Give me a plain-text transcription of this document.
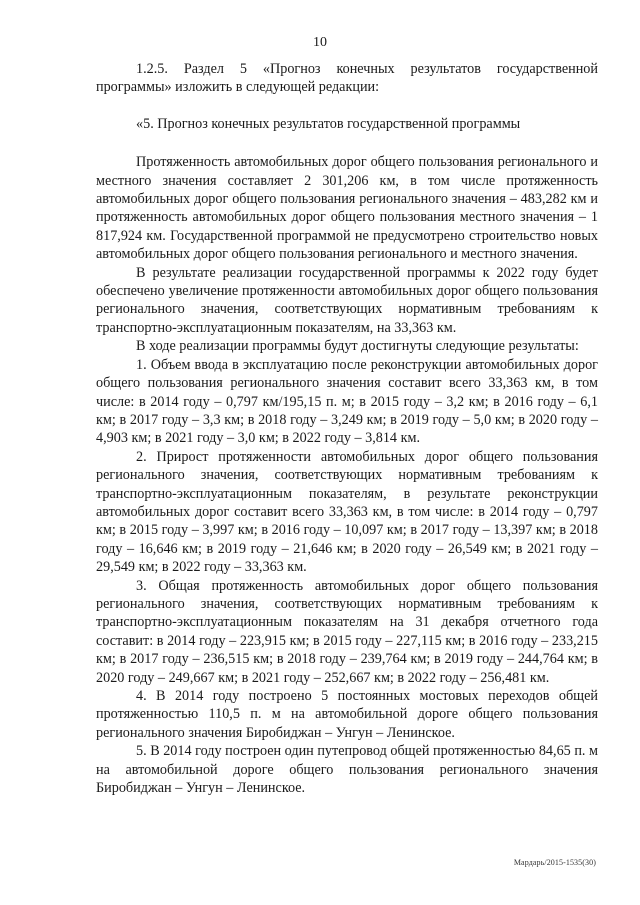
10

1.2.5. Раздел 5 «Прогноз конечных результатов государственной программы» изложить в следующей редакции:

«5. Прогноз конечных результатов государственной программы

Протяженность автомобильных дорог общего пользования регионального и местного значения составляет 2 301,206 км, в том числе протяженность автомобильных дорог общего пользования регионального значения – 483,282 км и протяженность автомобильных дорог общего пользования местного значения – 1 817,924 км. Государственной программой не предусмотрено строительство новых автомобильных дорог общего пользования регионального и местного значения.

В результате реализации государственной программы к 2022 году будет обеспечено увеличение протяженности автомобильных дорог общего пользования регионального значения, соответствующих нормативным требованиям к транспортно-эксплуатационным показателям, на 33,363 км.

В ходе реализации программы будут достигнуты следующие результаты:

1. Объем ввода в эксплуатацию после реконструкции автомобильных дорог общего пользования регионального значения составит всего 33,363 км, в том числе: в 2014 году – 0,797 км/195,15 п. м; в 2015 году – 3,2 км; в 2016 году – 6,1 км; в 2017 году – 3,3 км; в 2018 году – 3,249 км; в 2019 году – 5,0 км; в 2020 году – 4,903 км; в 2021 году – 3,0 км; в 2022 году – 3,814 км.

2. Прирост протяженности автомобильных дорог общего пользования регионального значения, соответствующих нормативным требованиям к транспортно-эксплуатационным показателям, в результате реконструкции автомобильных дорог составит всего 33,363 км, в том числе: в 2014 году – 0,797 км; в 2015 году – 3,997 км; в 2016 году – 10,097 км; в 2017 году – 13,397 км; в 2018 году – 16,646 км; в 2019 году – 21,646 км; в 2020 году – 26,549 км; в 2021 году – 29,549 км; в 2022 году – 33,363 км.

3. Общая протяженность автомобильных дорог общего пользования регионального значения, соответствующих нормативным требованиям к транспортно-эксплуатационным показателям на 31 декабря отчетного года составит: в 2014 году – 223,915 км; в 2015 году – 227,115 км; в 2016 году – 233,215 км; в 2017 году – 236,515 км; в 2018 году – 239,764 км; в 2019 году – 244,764 км; в 2020 году – 249,667 км; в 2021 году – 252,667 км; в 2022 году – 256,481 км.

4. В 2014 году построено 5 постоянных мостовых переходов общей протяженностью 110,5 п. м на автомобильной дороге общего пользования регионального значения Биробиджан – Унгун – Ленинское.

5. В 2014 году построен один путепровод общей протяженностью 84,65 п. м на автомобильной дороге общего пользования регионального значения Биробиджан – Унгун – Ленинское.

Мардарь/2015-1535(30)
